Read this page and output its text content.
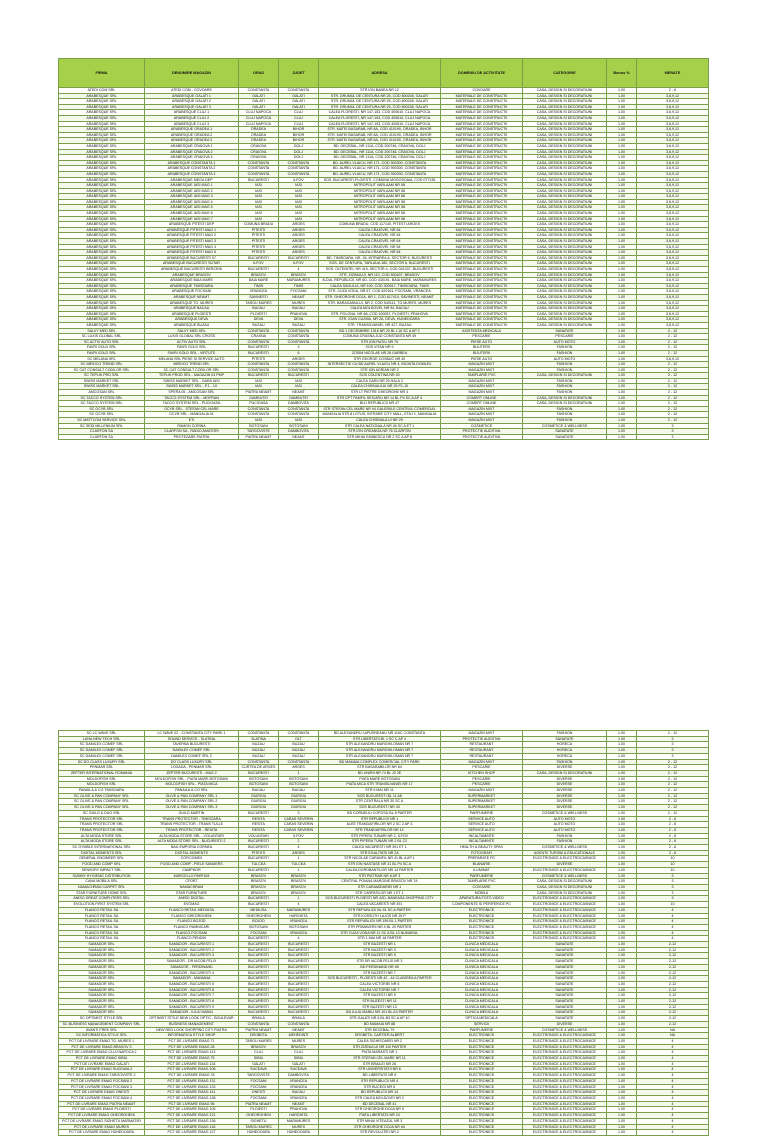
FIRMA	DENUMIRE MAGAZIN	ORAS	JUDET	ADRESA	DOMENIU DE ACTIVITATE	CATEGORIE	Bonus %	MERATE
ATEDI COM SRL	ATEDI COM - COVOARE	CONSTANTA	CONSTANTA	STR ION BANEA NR 12	COVOARE	CASA, DESIGN SI DECORATIUNI	1.00	2 - 6
ARABESQUE SRL	ARABESQUE GALATI 1	GALATI	GALATI	STR. DRUMUL DE CENTURA NR.25, COD 800248, GALATI	MATERIALE DE CONSTRUCTII	CASA, DESIGN SI DECORATIUNI	1.00	3,6,9,12
ARABESQUE SRL	ARABESQUE GALATI 2	GALATI	GALATI	STR. DRUMUL DE CENTURA NR.25, COD 800248, GALATI	MATERIALE DE CONSTRUCTII	CASA, DESIGN SI DECORATIUNI	1.00	3,6,9,12
ARABESQUE SRL	ARABESQUE GALATI 3	GALATI	GALATI	STR. DRUMUL DE CENTURA NR.25, COD 800248, GALATI	MATERIALE DE CONSTRUCTII	CASA, DESIGN SI DECORATIUNI	1.00	3,6,9,12
ARABESQUE SRL	ARABESQUE CLUJ 1	CLUJ NAPOCA	CLUJ	CALEA FLORESTI, NR 147-153, COD 400610, CLUJ NAPOCA	MATERIALE DE CONSTRUCTII	CASA, DESIGN SI DECORATIUNI	1.00	3,6,9,12
ARABESQUE SRL	ARABESQUE CLUJ 2	CLUJ NAPOCA	CLUJ	CALEA FLORESTI, NR 147-153, COD 400610, CLUJ NAPOCA	MATERIALE DE CONSTRUCTII	CASA, DESIGN SI DECORATIUNI	1.00	3,6,9,12
ARABESQUE SRL	ARABESQUE CLUJ 3	CLUJ NAPOCA	CLUJ	CALEA FLORESTI, NR 147-153, COD 400610, CLUJ NAPOCA	MATERIALE DE CONSTRUCTII	CASA, DESIGN SI DECORATIUNI	1.00	3,6,9,12
ARABESQUE SRL	ARABESQUE ORADEA 1	ORADEA	BIHOR	STR. MATEI BASARAB, NR 8A, COD 410190, ORADEA, BIHOR	MATERIALE DE CONSTRUCTII	CASA, DESIGN SI DECORATIUNI	1.00	3,6,9,12
ARABESQUE SRL	ARABESQUE ORADEA 2	ORADEA	BIHOR	STR. MATEI BASARAB, NR 8A, COD 410190, ORADEA, BIHOR	MATERIALE DE CONSTRUCTII	CASA, DESIGN SI DECORATIUNI	1.00	3,6,9,12
ARABESQUE SRL	ARABESQUE ORADEA 3	ORADEA	BIHOR	STR. MATEI BASARAB, NR 8A, COD 410190, ORADEA, BIHOR	MATERIALE DE CONSTRUCTII	CASA, DESIGN SI DECORATIUNI	1.00	3,6,9,12
ARABESQUE SRL	ARABESQUE CRAIOVA 1	CRAIOVA	DOLJ	BD. DECEBAL, NR 111A, COD 200746, CRAIOVA, DOLJ	MATERIALE DE CONSTRUCTII	CASA, DESIGN SI DECORATIUNI	1.00	3,6,9,12
ARABESQUE SRL	ARABESQUE CRAIOVA 2	CRAIOVA	DOLJ	BD. DECEBAL, NR 111A, COD 200746, CRAIOVA, DOLJ	MATERIALE DE CONSTRUCTII	CASA, DESIGN SI DECORATIUNI	1.00	3,6,9,12
ARABESQUE SRL	ARABESQUE CRAIOVA 3	CRAIOVA	DOLJ	BD. DECEBAL, NR 111A, COD 200746, CRAIOVA, DOLJ	MATERIALE DE CONSTRUCTII	CASA, DESIGN SI DECORATIUNI	1.00	3,6,9,12
ARABESQUE SRL	ARABESQUE CONSTANTA 1	CONSTANTA	CONSTANTA	BD. AUREL VLAICU, NR 171, COD 900300, CONSTANTA	MATERIALE DE CONSTRUCTII	CASA, DESIGN SI DECORATIUNI	1.00	3,6,9,12
ARABESQUE SRL	ARABESQUE CONSTANTA 2	CONSTANTA	CONSTANTA	BD. AUREL VLAICU, NR 171, COD 900300, CONSTANTA	MATERIALE DE CONSTRUCTII	CASA, DESIGN SI DECORATIUNI	1.00	3,6,9,12
ARABESQUE SRL	ARABESQUE CONSTANTA 3	CONSTANTA	CONSTANTA	BD. AUREL VLAICU, NR 171, COD 900300, CONSTANTA	MATERIALE DE CONSTRUCTII	CASA, DESIGN SI DECORATIUNI	1.00	3,6,9,12
ARABESQUE SRL	ARABESQUE MEGA DEP	BUCURESTI	ILFOV	SOS. BUCURESTI-PLOIESTI, COMUNA MOGOSOAIA, COD 077135	MATERIALE DE CONSTRUCTII	CASA, DESIGN SI DECORATIUNI	1.00	3,6,9,12
ARABESQUE SRL	ARABESQUE IASI MAG 1	IASI	IASI	MITROPOLIT VARLAAM NR 58	MATERIALE DE CONSTRUCTII	CASA, DESIGN SI DECORATIUNI	1.00	3,6,9,12
ARABESQUE SRL	ARABESQUE IASI MAG 2	IASI	IASI	MITROPOLIT VARLAAM NR 58	MATERIALE DE CONSTRUCTII	CASA, DESIGN SI DECORATIUNI	1.00	3,6,9,12
ARABESQUE SRL	ARABESQUE IASI MAG 3	IASI	IASI	MITROPOLIT VARLAAM NR 58	MATERIALE DE CONSTRUCTII	CASA, DESIGN SI DECORATIUNI	1.00	3,6,9,12
ARABESQUE SRL	ARABESQUE IASI MAG 4	IASI	IASI	MITROPOLIT VARLAAM NR 58	MATERIALE DE CONSTRUCTII	CASA, DESIGN SI DECORATIUNI	1.00	3,6,9,12
ARABESQUE SRL	ARABESQUE IASI MAG 5	IASI	IASI	MITROPOLIT VARLAAM NR 58	MATERIALE DE CONSTRUCTII	CASA, DESIGN SI DECORATIUNI	1.00	3,6,9,12
ARABESQUE SRL	ARABESQUE IASI MAG 6	IASI	IASI	MITROPOLIT VARLAAM NR 58	MATERIALE DE CONSTRUCTII	CASA, DESIGN SI DECORATIUNI	1.00	3,6,9,12
ARABESQUE SRL	ARABESQUE IASI MAG 7	IASI	IASI	MITROPOLIT VARLAAM NR 58	MATERIALE DE CONSTRUCTII	CASA, DESIGN SI DECORATIUNI	1.00	3,6,9,12
ARABESQUE SRL	ARABESQUE PITESTI DEP	COMUNA BRADU	ARGES	COMUNA BRADU, COD 117140, PITESTI ARGES	MATERIALE DE CONSTRUCTII	CASA, DESIGN SI DECORATIUNI	1.00	3,6,9,12
ARABESQUE SRL	ARABESQUE PITESTI MAG 1	PITESTI	ARGES	CALEA CRAIOVEI, NR 64	MATERIALE DE CONSTRUCTII	CASA, DESIGN SI DECORATIUNI	1.00	3,6,9,12
ARABESQUE SRL	ARABESQUE PITESTI MAG 2	PITESTI	ARGES	CALEA CRAIOVEI, NR 64	MATERIALE DE CONSTRUCTII	CASA, DESIGN SI DECORATIUNI	1.00	3,6,9,12
ARABESQUE SRL	ARABESQUE PITESTI MAG 3	PITESTI	ARGES	CALEA CRAIOVEI, NR 64	MATERIALE DE CONSTRUCTII	CASA, DESIGN SI DECORATIUNI	1.00	3,6,9,12
ARABESQUE SRL	ARABESQUE PITESTI MAG 4	PITESTI	ARGES	CALEA CRAIOVEI, NR 64	MATERIALE DE CONSTRUCTII	CASA, DESIGN SI DECORATIUNI	1.00	3,6,9,12
ARABESQUE SRL	ARABESQUE PITESTI MAG 5	PITESTI	ARGES	CALEA CRAIOVEI, NR 64	MATERIALE DE CONSTRUCTII	CASA, DESIGN SI DECORATIUNI	1.00	3,6,9,12
ARABESQUE SRL	ARABESQUE BUCURESTI 07	BUCURESTI	BUCURESTI	BD. TIMISOARA, NR. 26, INTRAREA A, SECTOR 6, BUCURESTI	MATERIALE DE CONSTRUCTII	CASA, DESIGN SI DECORATIUNI	1.00	3,6,9,12
ARABESQUE SRL	ARABESQUE BUCURESTI SUTAR	ILFOV	ILFOV	SOS. DE CENTURA, TARLAUA 180, SECTOR 6, BUCURESTI	MATERIALE DE CONSTRUCTII	CASA, DESIGN SI DECORATIUNI	1.00	3,6,9,12
ARABESQUE SRL	ARABESQUE BUCURESTI BERCENI	BUCURESTI	4	SOS. OLTENITEI, NR 415, SECTOR 4, COD 041337, BUCURESTI	MATERIALE DE CONSTRUCTII	CASA, DESIGN SI DECORATIUNI	1.00	3,6,9,12
ARABESQUE SRL	ARABESQUE BRASOV	BRASOV	BRASOV	STR. ZIZINULUI, NR 110, COD 500407, BRASOV	MATERIALE DE CONSTRUCTII	CASA, DESIGN SI DECORATIUNI	1.00	3,6,9,12
ARABESQUE SRL	ARABESQUE BAIA MARE	BAIA MARE	MARAMURES	B-DUL REPUBLICII, NR 6D, COD 430191, BAIA MARE, MARAMURES	MATERIALE DE CONSTRUCTII	CASA, DESIGN SI DECORATIUNI	1.00	3,6,9,12
ARABESQUE SRL	ARABESQUE TIMISOARA	TIMIS	TIMIS	CALEA SAGULUI, NR 100, COD 300517, TIMISOARA, TIMIS	MATERIALE DE CONSTRUCTII	CASA, DESIGN SI DECORATIUNI	1.00	3,6,9,12
ARABESQUE SRL	ARABESQUE FOCSANI	VRANCEA	FOCSANI	STR. CUZA VODA, NR 67, COD 620161, FOCSANI, VRANCEA	MATERIALE DE CONSTRUCTII	CASA, DESIGN SI DECORATIUNI	1.00	3,6,9,12
ARABESQUE SRL	ARABESQUE NEAMT	SAVINESTI	NEAMT	STR. GHEORGHE DOJA, NR 1, COD 617410, SAVINESTI, NEAMT	MATERIALE DE CONSTRUCTII	CASA, DESIGN SI DECORATIUNI	1.00	3,6,9,12
ARABESQUE SRL	ARABESQUE TG. MURES	TARGU MURES	MURES	STR. BARAGANULUI, NR 2, COD 540111, TG MURES, MURES	MATERIALE DE CONSTRUCTII	CASA, DESIGN SI DECORATIUNI	1.00	3,6,9,12
ARABESQUE SRL	ARABESQUE BACAU	BACAU	BACAU	CALEA MOLDOVEI, NR 94, BACAU	MATERIALE DE CONSTRUCTII	CASA, DESIGN SI DECORATIUNI	1.00	3,6,9,12
ARABESQUE SRL	ARABESQUE PLOIESTI	PLOIESTI	PRAHOVA	STR. POLONA, NR 68, COD 100057, PLOIESTI, PRAHOVA	MATERIALE DE CONSTRUCTII	CASA, DESIGN SI DECORATIUNI	1.00	3,6,9,12
ARABESQUE SRL	ARABESQUE DEVA	DEVA	DEVA	STR. IOAN CUZMA, NR 2A, DEVA, HUNEDOARA	MATERIALE DE CONSTRUCTII	CASA, DESIGN SI DECORATIUNI	1.00	3,6,9,12
ARABESQUE SRL	ARABESQUE BUZAU	BUZAU	BUZAU	STR. TRANSILVANIEI, NR 427, BUZAU	MATERIALE DE CONSTRUCTII	CASA, DESIGN SI DECORATIUNI	1.00	3,6,9,12
SALVY MED SRL	SALVY MED SRL	CONSTANTA	CONSTANTA	BD 1 DECEMBRIE 1918 NR 20 BL L16 SC A AP 2	ASISTENTA MEDICALA	SANATATE	1.00	2 - 12
SC LUXIS GLOBAL SRL	LUXIS GLOBAL SRL CROSS	CRASNA	CONSTANTA	COMUNA CRASNA JUD CONSTANTA NR 49	PESCARIE	PESCARIE	1.00	2 - 12
SC ACTIV AUTO SRL	ACTIV AUTO SRL	CONSTANTA	CONSTANTA	STR ION RATIU NR 79	PIESE AUTO	AUTO MOTO	1.00	2 - 12
FAVRI GOLD SRL	FAVRI GOLD SRL	BUCURESTI	3	SOS VITAN NR 9	BIJUTERII	FASHION	1.00	2 - 12
FAVRI GOLD SRL	FAVRI GOLD SRL - VIRTUTE	BUCURESTI	6	ZOSIM NICOLAE NR 28 GARBEA	BIJUTERII	FASHION	1.00	2 - 12
SC MELANA SRL	MELANA SRL PIESE SI SERVICE AUTO	PITESTI	ARGES	STR GEORGE COSBUC NR 40	PIESE AUTO	AUTO MOTO	1.00	3,6,9,12
SC MIROCO TREND SRL	MIROCO TREND SRL	CONSTANTA	CONSTANTA	INTERSECTIE CU BD AUREL VLAICU NR 4, INCINTA DOMLEV	MAGAZIN MIXT	FASHION	1.00	2 - 12
SC CAT CONSULT CODILOR SRL	SC CAT CONSULT CODILOR SRL	CONSTANTA	CONSTANTA	STR ION ADRIAN NR 2	MAGAZIN MIXT	FASHION	1.00	2 - 12
SC TEPLIK PRO SRL	TEPLIK PROD SRL - MAGAZIN 03 PMP	BUCURESTI	BUCURESTI	SOS COLENTINA NR 40	TAMPLARIE PVC	CASA, DESIGN SI DECORATIUNI	1.00	2 - 12
SWISS MARKET SRL	SWISS MARKET SRL - GARA IASI	IASI	IASI	CALEA GARII NR 25 HALA 3	MAGAZIN MIXT	FASHION	1.00	2 - 12
SWISS MARKET SRL	SWISS MARKET SRL - P.1 - 10	IASI	IASI	CALEA CHISINAULUI NR 25 P1-10	MAGAZIN MIXT	FASHION	1.00	2 - 12
AMCOSAN SRL	SPERA 05 - AMCOSAN SRL	PIATRA NEAMT	NEAMT	STR LT PIETRE GHEORGHE NR 4	MAGAZIN MIXT	FASHION	1.00	2 - 12
SC TACCO SYSTEM SRL	TACCO SYSTEM SRL - MOFRAN	GAMBUTEI	GAMBUTEI	STR CPT PAMFIL SEICARU NR 14 BL P4 SC A AP 4	COMERT ONLINE	CASA, DESIGN SI DECORATIUNI	1.00	2 - 12
SC TACCO SYSTEM SRL	TACCO SYSTEM SRL - PUCIOASA	PUCIOASA	DAMBOVITA	BLD REPUBLICII NR 47	COMERT ONLINE	CASA, DESIGN SI DECORATIUNI	1.00	2 - 12
SC OCYB SRL	OCYB SRL - STEFAN CEL MARE	CONSTANTA	CONSTANTA	STR STEFAN CEL MARE NR 94 GALERIILE CENTRUL COMERCIAL	MAGAZIN MIXT	FASHION	1.00	2 - 12
SC OCYB SRL	OCYB SRL - MANGALIA 01	CONSTANTA	CONSTANTA	MANGALIA STR 8 LOTUS, INTRARE CITY MALL, ETAJ 1, MANGALIA	MAGAZIN MIXT	FASHION	1.00	2 - 12
SC MATTCOM SERVICE SRL	ETI	IASI	IASI	CALEA CHISINAULUI NR 29	MAGAZIN MIXT	FASHION	1.00	2 - 12
SC SEDI MILLENIUM SRL	RAMON CORINA	BOTOSANI	BOTOSANI	STR CALEA NATIONALA NR 46 SC A ET 1	COSMETICE	COSMETICE & WELLNESS	1.00	3
CLARFON SA	CLARFON SA - RADIO AMATORI	TARGOVISTE	DAMBOVITA	STR ION CREANGA NR 76 CLARFON	PROTECTIE AUDITIVA	SANATATE	1.00	3
CLARFON SA	PROTEZARE PIATRA	PIATRA NEAMT	NEAMT	STR MIHAI EMINESCU NR 2 SC A AP 8	PROTECTIE AUDITIVA	SANATATE	1.00	3
SC LC WAVE SRL	LC WAVE 02 - CONSTANTA CITY PARK 1	CONSTANTA	CONSTANTA	BD ALEXANDRU LAPUSNEANU NR 116C CONSTANTA	MAGAZIN MIXT	FASHION	1.00	2 - 12
LUNA NEW TECH SRL	SOUND SERVICE - SLATINA	SLATINA	OLT	STR LIBERTATII BL 1 SC C AP 4	PROTECTIE AUDITIVA	SANATATE	1.00	3
SC DAMILEX COMEF SRL	TAVERNA BUCURESTI	BUZAU	BUZAU	STR ALEXANDRU MARGHILOMAN NR 7	RESTAURANT	HORECA	1.00	3
SC DAMILEX COMEF SRL	DAMILEX COMEF SRL	BUZAU	BUZAU	STR ALEXANDRU MARGHILOMAN NR 7	RESTAURANT	HORECA	1.00	3
SC DAMILEX COMEF SRL	DAMILEX COMEF SRL 2	BUZAU	BUZAU	STR ALEXANDRU MARGHILOMAN NR 7	RESTAURANT	HORECA	1.00	3
SC DO CLASS LUXURY SRL	DO CLASS LUXURY SRL	CONSTANTA	CONSTANTA	BD MAMAIA COMPLEX COMERCIAL CITY PARK	MAGAZIN MIXT	FASHION	1.00	2 - 12
PENMAR SRL	LOGADA - PENMAR SRL	CURTEA DE ARGES	ARGES	STR BASARABILOR NR 64	PESCARIE	DIVERSE	1.00	2 - 12
ZEPTER INTERNATIONAL ROMANIA	ZEPTER BUCURESTI - MAG 2	BUCURESTI	1	BD UNIRII NR 74 BL J2 2E	KITCHEN SHOP	CASA, DESIGN SI DECORATIUNI	1.00	2 - 12
MOLDOFISH SRL	MOLDOFISH SRL - PIATA MARE BOTOSANI	BOTOSANI	BOTOSANI	PIATA MARE BOTOSANI	PESCARIE	DIVERSE	1.00	2 - 12
MOLDOFISH SRL	MOLDOFISH SRL - PIATA MICA	BOTOSANI	BOTOSANI	PIATA MICA STR TRANSILVANIEI NR 17	PESCARIE	DIVERSE	1.00	2 - 12
PANAILA & CO TIMISOARA	PANAILA & CO SRL	BACAU	BACAU	STR 9 MAI NR 11	MAGAZIN MIXT	DIVERSE	1.00	2 - 12
SC OLIVE & PAN COMPANY SRL	OLIVE & PAN COMPANY SRL 1	GIURGIU	GIURGIU	SOS BUCURESTI BL 11 A8	SUPERMARKET	DIVERSE	1.00	2 - 12
SC OLIVE & PAN COMPANY SRL	OLIVE & PAN COMPANY SRL 2	GIURGIU	GIURGIU	STR CENTRALA NR 30 SC A	SUPERMARKET	DIVERSE	1.00	2 - 12
SC OLIVE & PAN COMPANY SRL	OLIVE & PAN COMPANY SRL 3	GIURGIU	GIURGIU	SOS BUCURESTI NR 43	SUPERMARKET	DIVERSE	1.00	2 - 12
SC GUILD & DUO SRL	GUILD MARTIN	BUCURESTI	3	BD CORNELIU COPOSU BL 8 PARTER	PARFUMERIE	COSMETICE & WELLNESS	1.00	2 - 12
TRANS PROTECTOR SRL	TRANS PROTECTOR - TIMISOARA	RESITA	CARAS SEVERIN	STR REPUBLICII NR 1	SERVICE AUTO	AUTO MOTO	1.00	2 - 6
TRANS PROTECTOR SRL	TRANS PROTECTOR - TRANS TULLE	RESITA	CARAS SEVERIN	ALEE TRANDAFIRILOR NR 2 SC 2 AP 3	SERVICE AUTO	AUTO MOTO	1.00	2 - 6
TRANS PROTECTOR SRL	TRANS PROTECTOR - RESITA	RESITA	CARAS SEVERIN	STR TRANDAFIRILOR NR 14	SERVICE AUTO	AUTO MOTO	1.00	2 - 6
ALTA MODA STORE SRL	ALTA MODA STORE SRL - VOLUNTARI	VOLUNTARI	ILFOV	STR PIPERA TUNARI NR 2, ILFOV	INCALTAMINTE	FASHION	1.00	2 - 6
ALTA MODA STORE SRL	ALTA MODA STORE SRL - BUCURESTI 2	BUCURESTI	2	STR PIPERA TUNARI NR 2 BL C2	INCALTAMINTE	FASHION	1.00	2 - 6
SC GYMBLE INTERNATIONAL SRL	NAIL EMPORIA CORNEA	BUCURESTI	4	CALEA VACARESTI NR 391 ET 1	HEALTH & BEAUTY SPAS	COSMETICE & WELLNESS	1.00	2 - 6
DIGITAL MOMENTS SRL	DIGITAL MOMENTS	PITESTI	ARGES	STR EGALITATII NR 2A	FOTOGRAFI	AGENTII TURISM & EDUCATIONALE	1.00	2 - 6
GENERAL ENGINEER SRL	COFICOMEX	BUCURESTI	1	STR NICOLAE CARANFIL NR 41 BL A AP 1	PREPARATE PC	ELECTRONICE & ELECTROCASNICE	1.00	10
FOOD AND COMP SRL	FOOD AND COMP - PIELE SANDERS	TULCEA	TULCEA	STR ION NASTASE NR 31 BL P4 SC A	BLANARIE	DIVERSE	1.00	10
SENSORY IMPACT SRL	CAMPHOR	BUCURESTI	1	CALEA DOROBANTILOR NR 14 PARTER	ILUMINAT	ELECTRONICE & ELECTROCASNICE	1.00	10
SUMMY HYGIENIC DISTRIBUTION	MARCELLO PARFUM	BRASOV	BRASOV	STR PIETRAR NR 8 AP 3	PARFUMERIE	COSMETICE & WELLNESS	1.00	3
CANA MOBILA SRL	CFORT	BRASOV	BRASOV	CENTRAL POIANA MARGINE BRASOV NR 7A	TAMPLARIE PVC	CASA, DESIGN SI DECORATIUNI	1.00	3
NAMACHRAM CARPET SRL	NAMACHRAM	BRASOV	BRASOV	STR CARAMIDARIEI NR 1	COVOARE	CASA, DESIGN SI DECORATIUNI	1.00	3
STAR FURNITURE HOME SRL	STAR FURNITURE	BRASOV	BRASOV	STR CARPATILOR NR 1 ET 1	MOBILA	CASA, DESIGN SI DECORATIUNI	1.00	3
ANISO GREAT COMPUTERS SRL	ANISO DIGITAL	BUCURESTI	1	SOS BUCURESTI PLOIESTI NR 42D, BANEASA SHOPPING CITY	APARATURA FOTO VIDEO	ELECTRONICE & ELECTROCASNICE	1.00	3
EVOLUTION FIRST SYSTEM SRL	EVOMAG	BUCURESTI	4	CALEA VACARESTI NR 391	COMPONENTE SI PERIFERICE PC	ELECTRONICE & ELECTROCASNICE	1.00	10
FLANCO RETAIL SA	FLANCO RETAIL MEDIUSA	MEDIUSA	MARAMURES	STR REPUBLICII BL 51 SC A PARTER	ELECTRONICE	ELECTRONICE & ELECTROCASNICE	1.00	4
FLANCO RETAIL SA	FLANCO GHEORGHENI	GHEORGHENI	HARGHITA	STR KOSSUTH LAJOS NR 25 P	ELECTRONICE	ELECTRONICE & ELECTROCASNICE	1.00	4
FLANCO RETAIL SA	FLANCO BOJOD	BOJOD	VRANCEA	STR REPUBLICII NR 159 BL 1 PARTER	ELECTRONICE	ELECTRONICE & ELECTROCASNICE	1.00	4
FLANCO RETAIL SA	FLANCO RAMNICARI	BOTOSANI	BOTOSANI	STR PRIMAVERII NR 4 BL 20 PARTER	ELECTRONICE	ELECTRONICE & ELECTROCASNICE	1.00	4
FLANCO RETAIL SA	FLANCO FOCSANI	FOCSANI	VRANCEA	STR CUZA VODA NR 11 SC A BL 13 NUMARUL	ELECTRONICE	ELECTRONICE & ELECTROCASNICE	1.00	4
FLANCO RETAIL SA	FLANCO PENDIN	BUCURESTI	4	STR 1 MAI NR 18 PARTER	ELECTRONICE	ELECTRONICE & ELECTROCASNICE	1.00	4
SAMADOR SRL	SAMADOR - BUCURESTI 1	BUCURESTI	BUCURESTI	STR BUZESTI NR 1	CLINICA MEDICALA	SANATATE	1.00	2-12
SAMADOR SRL	SAMADOR - BUCURESTI 2	BUCURESTI	BUCURESTI	STR BUZESTI NR 3	CLINICA MEDICALA	SANATATE	1.00	2-12
SAMADOR SRL	SAMADOR - BUCURESTI 3	BUCURESTI	BUCURESTI	STR BUZESTI NR 5	CLINICA MEDICALA	SANATATE	1.00	2-12
SAMADOR SRL	SAMADOR - DR IACOB FELIX	BUCURESTI	BUCURESTI	STR DR IACOB FELIX NR 3	CLINICA MEDICALA	SANATATE	1.00	2-12
SAMADOR SRL	SAMADOR - FERDINAND	BUCURESTI	BUCURESTI	BD FERDINAND NR 48	CLINICA MEDICALA	SANATATE	1.00	2-12
SAMADOR SRL	SAMADOR - BUCURESTI 4	BUCURESTI	BUCURESTI	STR BUZESTI NR 7	CLINICA MEDICALA	SANATATE	1.00	2-12
SAMADOR SRL	SAMADOR - MANIANA	BUCURESTI	BUCURESTI	SOS BUCURESTI - PLOIESTI NR 42 - 44 CLADIREA A PARTER	CLINICA MEDICALA	SANATATE	1.00	2-12
SAMADOR SRL	SAMADOR - BUCURESTI 5	BUCURESTI	BUCURESTI	CALEA VICTORIEI NR 5	CLINICA MEDICALA	SANATATE	1.00	2-12
SAMADOR SRL	SAMADOR - BUCURESTI 6	BUCURESTI	BUCURESTI	CALEA VICTORIEI NR 7	CLINICA MEDICALA	SANATATE	1.00	2-12
SAMADOR SRL	SAMADOR - BUCURESTI 7	BUCURESTI	BUCURESTI	STR BUZESTI NR 9	CLINICA MEDICALA	SANATATE	1.00	2-12
SAMADOR SRL	SAMADOR - BUCURESTI 8	BUCURESTI	BUCURESTI	STR BUZESTI NR 11	CLINICA MEDICALA	SANATATE	1.00	2-12
SAMADOR SRL	SAMADOR - BUCURESTI 9	BUCURESTI	BUCURESTI	STR BUZESTI NR 13	CLINICA MEDICALA	SANATATE	1.00	2-12
SAMADOR SRL	SAMADOR - IULIU MANIU	BUCURESTI	BUCURESTI	BD IULIU MANIU NR 101 BL A3 PARTER	CLINICA MEDICALA	SANATATE	1.00	2-12
SC OPTIMIST STYLE SRL	OPTIMIST STYLE NEW LOOK OPTIC - BOULEVAR	BRAILA	BRAILA	STR GALATI NR 6 BL B3 SC A AP 10	OPTICA MEDICALA	SANATATE	1.00	2-12
SC BUSINESS MANAGEMENT COMPANY SRL	BUSINESS MANAGEMENT	CONSTANTA	CONSTANTA	BD MAMAIA NR 88	SERVICII	DIVERSE	1.00	2-12
AVANTI FREE SRL	NEW RED LOOK SHOPPING CITY PIATRA	PIATRA NEAMT	NEAMT	STR DECEBAL 79	PARFUMERIE	COSMETICE & WELLNESS	1.00	NA
SC INFORMATICA STYLE SRL	INFORMATICA STYLE SHOP	DROBETA	MEHEDINTI	DROBETA, CARTIER ALBERT	ELECTRONICE	ELECTRONICE & ELECTROCASNICE	1.00	NA
PCT DE LIVRARE EMAG TG. MURES 1	PCT DE LIVRARE EMAG 71	TARGU MURES	MURES	CALEA SIGHISOAREI NR 2	ELECTRONICE	ELECTRONICE & ELECTROCASNICE	1.00	4
PCT DE LIVRARE EMAG BRASOV 3	PCT DE LIVRARE EMAG 28	BRASOV	BRASOV	STR ZIZINULUI NR 110 PARTER	ELECTRONICE	ELECTRONICE & ELECTROCASNICE	1.00	4
PCT DE LIVRARE EMAG CLUJ NAPOCA 2	PCT DE LIVRARE EMAG 113	CLUJ	CLUJ	PIATA MARASTI NR 1	ELECTRONICE	ELECTRONICE & ELECTROCASNICE	1.00	4
PCT DE LIVRARE EMAG SIBIU	PCT DE LIVRARE EMAG 75	SIBIU	SIBIU	STR STEFAN CEL MARE NR 11	ELECTRONICE	ELECTRONICE & ELECTROCASNICE	1.00	4
PCT DE LIVRARE EMAG GALATI	PCT DE LIVRARE EMAG 134	GALATI	GALATI	STR BRAILEI NR 26	ELECTRONICE	ELECTRONICE & ELECTROCASNICE	1.00	4
PCT DE LIVRARE EMAG SUCEAVA 2	PCT DE LIVRARE EMAG 108	SUCEAVA	SUCEAVA	STR UNIVERSITATII NR 6	ELECTRONICE	ELECTRONICE & ELECTROCASNICE	1.00	4
PCT DE LIVRARE EMAG TARGOVISTE 2	PCT DE LIVRARE EMAG 78	TARGOVISTE	DAMBOVITA	BD LIBERTATII NR 6	ELECTRONICE	ELECTRONICE & ELECTROCASNICE	1.00	4
PCT DE LIVRARE EMAG FOCSANI 2	PCT DE LIVRARE EMAG 131	FOCSANI	VRANCEA	STR REPUBLICII NR 4	ELECTRONICE	ELECTRONICE & ELECTROCASNICE	1.00	4
PCT DE LIVRARE EMAG FOCSANI 3	PCT DE LIVRARE EMAG 133	FOCSANI	VRANCEA	STR BUCEGI NR 5	ELECTRONICE	ELECTRONICE & ELECTROCASNICE	1.00	4
PCT DE LIVRARE EMAG ONESTI	PCT DE LIVRARE EMAG 141	ONESTI	BACAU	BD REPUBLICII NR 14	ELECTRONICE	ELECTRONICE & ELECTROCASNICE	1.00	4
PCT DE LIVRARE EMAG FOCSANI 4	PCT DE LIVRARE EMAG 138	FOCSANI	VRANCEA	STR CALEA MOLDOVEI NR 2	ELECTRONICE	ELECTRONICE & ELECTROCASNICE	1.00	4
PCT DE LIVRARE EMAG PIATRA NEAMT	PCT DE LIVRARE EMAG 96	PIATRA NEAMT	NEAMT	BD DECEBAL NR 41	ELECTRONICE	ELECTRONICE & ELECTROCASNICE	1.00	4
PCT DE LIVRARE EMAG PLOIESTI	PCT DE LIVRARE EMAG 105	PLOIESTI	PRAHOVA	STR GHEORGHE DOJA NR 9	ELECTRONICE	ELECTRONICE & ELECTROCASNICE	1.00	4
PCT DE LIVRARE EMAG GHEORGHENI	PCT DE LIVRARE EMAG 121	GHEORGHENI	HARGHITA	PIATA LIBERTATII NR 24	ELECTRONICE	ELECTRONICE & ELECTROCASNICE	1.00	4
PCT DE LIVRARE EMAG SIGHETU MARMATIEI	PCT DE LIVRARE EMAG 136	SIGHETU	MARAMURES	STR MIHAI VITEAZUL NR 3	ELECTRONICE	ELECTRONICE & ELECTROCASNICE	1.00	4
PCT DE LIVRARE EMAG MURES	PCT DE LIVRARE EMAG 118	TARGU MURES	MURES	STR GHEORGHE DOJA NR 64	ELECTRONICE	ELECTRONICE & ELECTROCASNICE	1.00	4
PCT DE LIVRARE EMAG HUNEDOARA	PCT DE LIVRARE EMAG 127	HUNEDOARA	HUNEDOARA	STR REVOLUTIEI NR 2	ELECTRONICE	ELECTRONICE & ELECTROCASNICE	1.00	4
